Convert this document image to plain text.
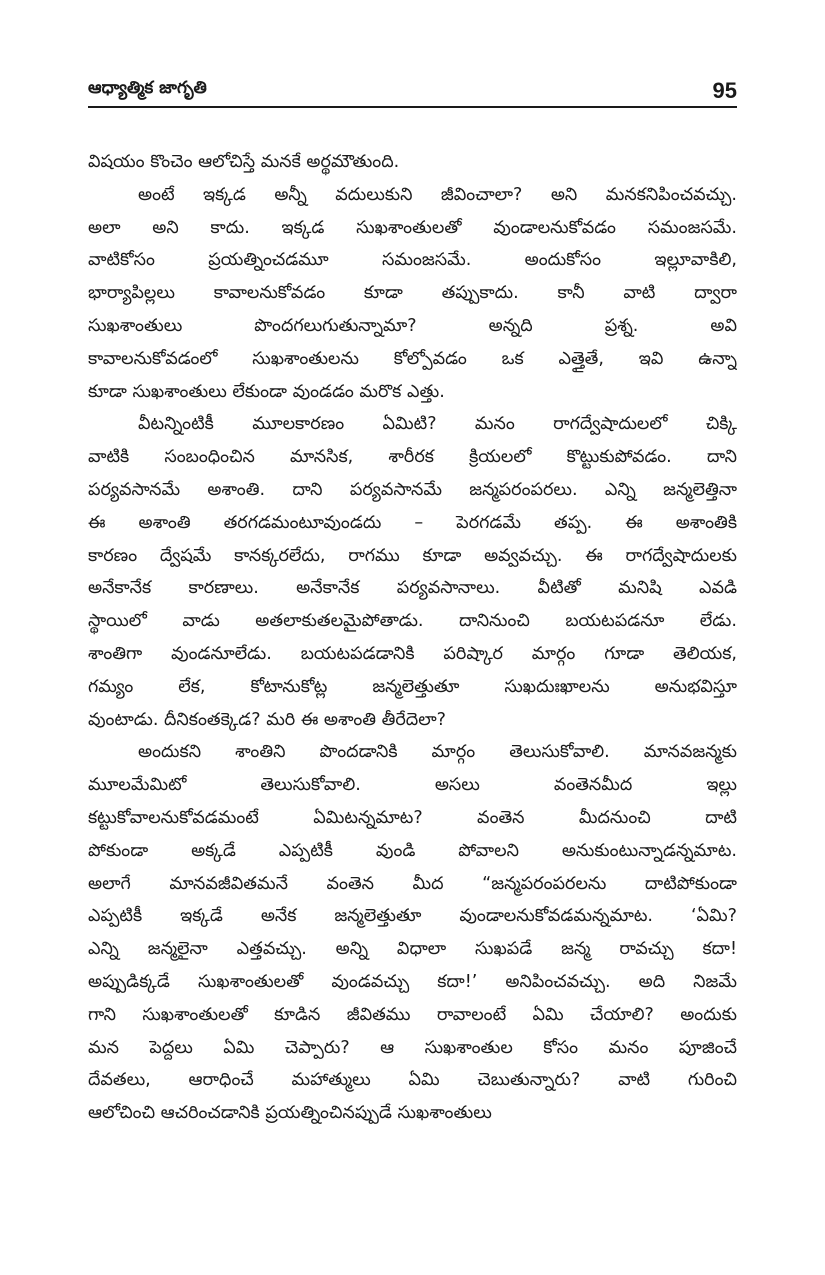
ఆధ్యాత్మిక జాగృతి	95
విషయం కొంచెం ఆలోచిస్తే మనకే అర్థమౌతుంది.
అంటే ఇక్కడ అన్నీ వదులుకుని జీవించాలా? అని మనకనిపించవచ్చు.
అలా అని కాదు. ఇక్కడ సుఖశాంతులతో వుండాలనుకోవడం సమంజసమే.
వాటికోసం ప్రయత్నించడమూ సమంజసమే. అందుకోసం ఇల్లూవాకిలి,
భార్యాపిల్లలు కావాలనుకోవడం కూడా తప్పుకాదు. కానీ వాటి ద్వారా
సుఖశాంతులు పొందగలుగుతున్నామా? అన్నది ప్రశ్న. అవి
కావాలనుకోవడంలో సుఖశాంతులను కోల్పోవడం ఒక ఎత్తైతే, ఇవి ఉన్నా
కూడా సుఖశాంతులు లేకుండా వుండడం మరొక ఎత్తు.
వీటన్నింటికీ మూలకారణం ఏమిటి? మనం రాగద్వేషాదులలో చిక్కి
వాటికి సంబంధించిన మానసిక, శారీరక క్రియలలో కొట్టుకుపోవడం. దాని
పర్యవసానమే అశాంతి. దాని పర్యవసానమే జన్మపరంపరలు. ఎన్ని జన్మలెత్తినా
ఈ అశాంతి తరగడమంటూవుండదు – పెరగడమే తప్ప. ఈ అశాంతికి
కారణం ద్వేషమే కానక్కరలేదు, రాగము కూడా అవ్వవచ్చు. ఈ రాగద్వేషాదులకు
అనేకానేక కారణాలు. అనేకానేక పర్యవసానాలు. వీటితో మనిషి ఎవడి
స్థాయిలో వాడు అతలాకుతలమైపోతాడు. దానినుంచి బయటపడనూ లేడు.
శాంతిగా వుండనూలేడు. బయటపడడానికి పరిష్కార మార్గం గూడా తెలియక,
గమ్యం లేక, కోటానుకోట్ల జన్మలెత్తుతూ సుఖదుఃఖాలను అనుభవిస్తూ
వుంటాడు. దీనికంతక్కెడ? మరి ఈ అశాంతి తీరేదెలా?
అందుకని శాంతిని పొందడానికి మార్గం తెలుసుకోవాలి. మానవజన్మకు
మూలమేమిటో తెలుసుకోవాలి. అసలు వంతెనమీద ఇల్లు
కట్టుకోవాలనుకోవడమంటే ఏమిటన్నమాట? వంతెన మీదనుంచి దాటి
పోకుండా అక్కడే ఎప్పటికీ వుండి పోవాలని అనుకుంటున్నాడన్నమాట.
అలాగే మానవజీవితమనే వంతెన మీద “జన్మపరంపరలను దాటిపోకుండా
ఎప్పటికీ ఇక్కడే అనేక జన్మలెత్తుతూ వుండాలనుకోవడమన్నమాట. ‘ఏమి?
ఎన్ని జన్మలైనా ఎత్తవచ్చు. అన్ని విధాలా సుఖపడే జన్మ రావచ్చు కదా!
అప్పుడిక్కడే సుఖశాంతులతో వుండవచ్చు కదా!’ అనిపించవచ్చు. అది నిజమే
గాని సుఖశాంతులతో కూడిన జీవితము రావాలంటే ఏమి చేయాలి? అందుకు
మన పెద్దలు ఏమి చెప్పారు? ఆ సుఖశాంతుల కోసం మనం పూజించే
దేవతలు, ఆరాధించే మహాత్ములు ఏమి చెబుతున్నారు? వాటి గురించి
ఆలోచించి ఆచరించడానికి ప్రయత్నించినప్పుడే సుఖశాంతులు
